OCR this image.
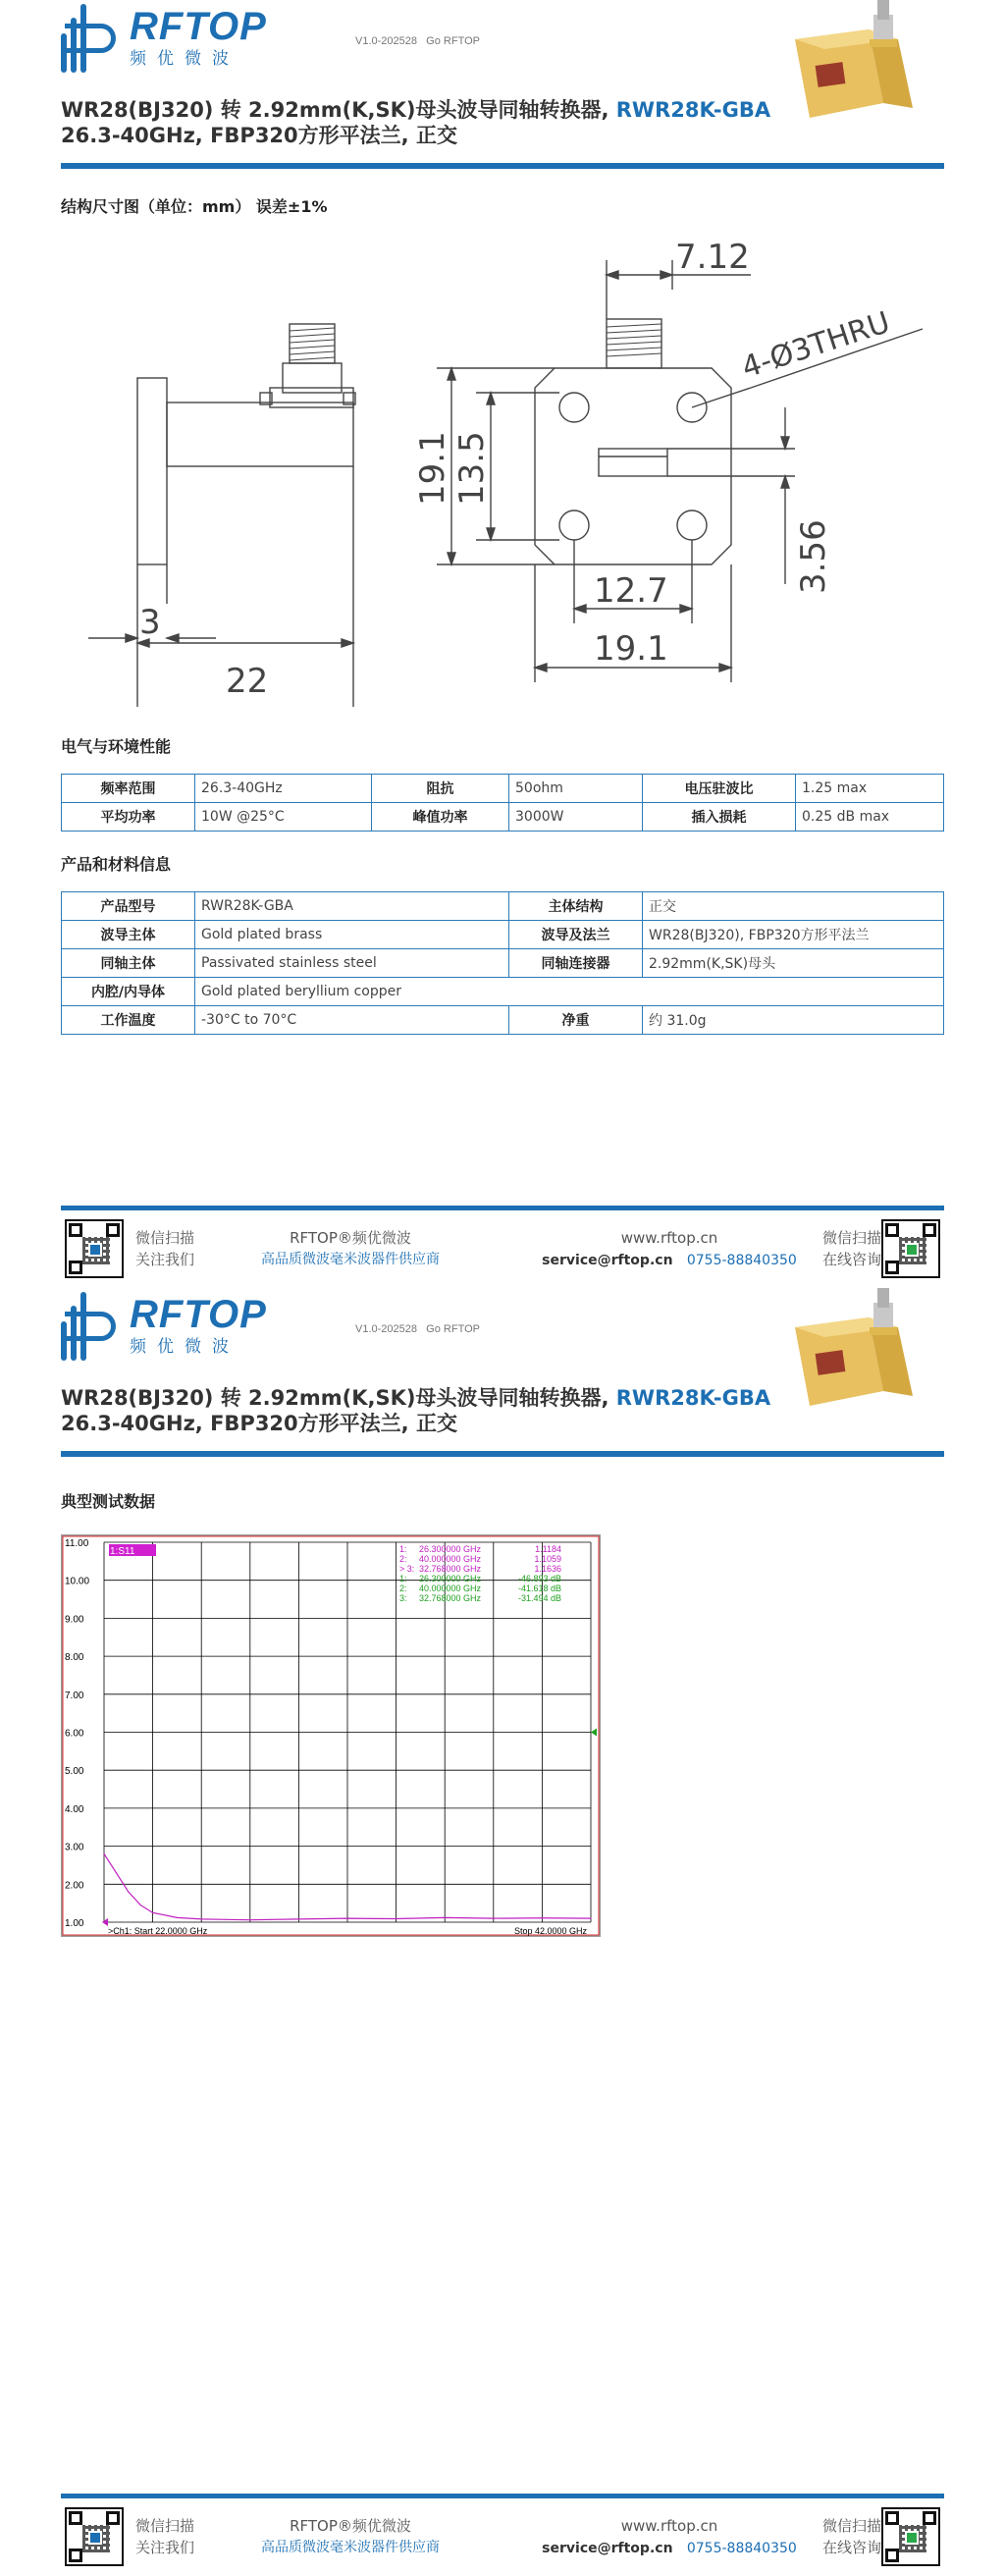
RFTOP
频优微波
V1.0-202528 Go RFTOP
WR28(BJ320) 转 2.92mm(K,SK)母头波导同轴转换器, RWR28K-GBA
26.3-40GHz, FBP320方形平法兰, 正交
结构尺寸图（单位：mm） 误差±1%
3
22
7.12
4-Ø3THRU
19.1 13.5
3.56
12.7
19.1
电气与环境性能
频率范围	26.3-40GHz	阻抗	50ohm	电压驻波比	1.25 max
平均功率	10W @25°C	峰值功率	3000W	插入损耗	0.25 dB max
产品和材料信息
产品型号	RWR28K-GBA	主体结构	正交
波导主体	Gold plated brass	波导及法兰	WR28(BJ320), FBP320方形平法兰
同轴主体	Passivated stainless steel	同轴连接器	2.92mm(K,SK)母头
内腔/内导体	Gold plated beryllium copper		
工作温度	-30°C to 70°C	净重	约 31.0g
微信扫描
关注我们
RFTOP®频优微波
高品质微波毫米波器件供应商
www.rftop.cn
service@rftop.cn 0755-88840350
微信扫描
在线咨询
RFTOP
频优微波
V1.0-202528 Go RFTOP
WR28(BJ320) 转 2.92mm(K,SK)母头波导同轴转换器, RWR28K-GBA
26.3-40GHz, FBP320方形平法兰, 正交
典型测试数据
微信扫描
关注我们
RFTOP®频优微波
高品质微波毫米波器件供应商
www.rftop.cn
service@rftop.cn 0755-88840350
微信扫描
在线咨询
11.00
10.00
9.00
8.00
7.00
6.00
5.00
4.00
3.00
2.00
1.00
1:S11	1: 26.300000 GHz	1.1184
2: 40.000000 GHz	1.1059
> 3: 32.768000 GHz	1.1636
1: 26.300000 GHz	-46.893 dB
2: 40.000000 GHz	-41.618 dB
3: 32.768000 GHz	-31.494 dB
>Ch1: Start 22.0000 GHz	Stop 42.0000 GHz
